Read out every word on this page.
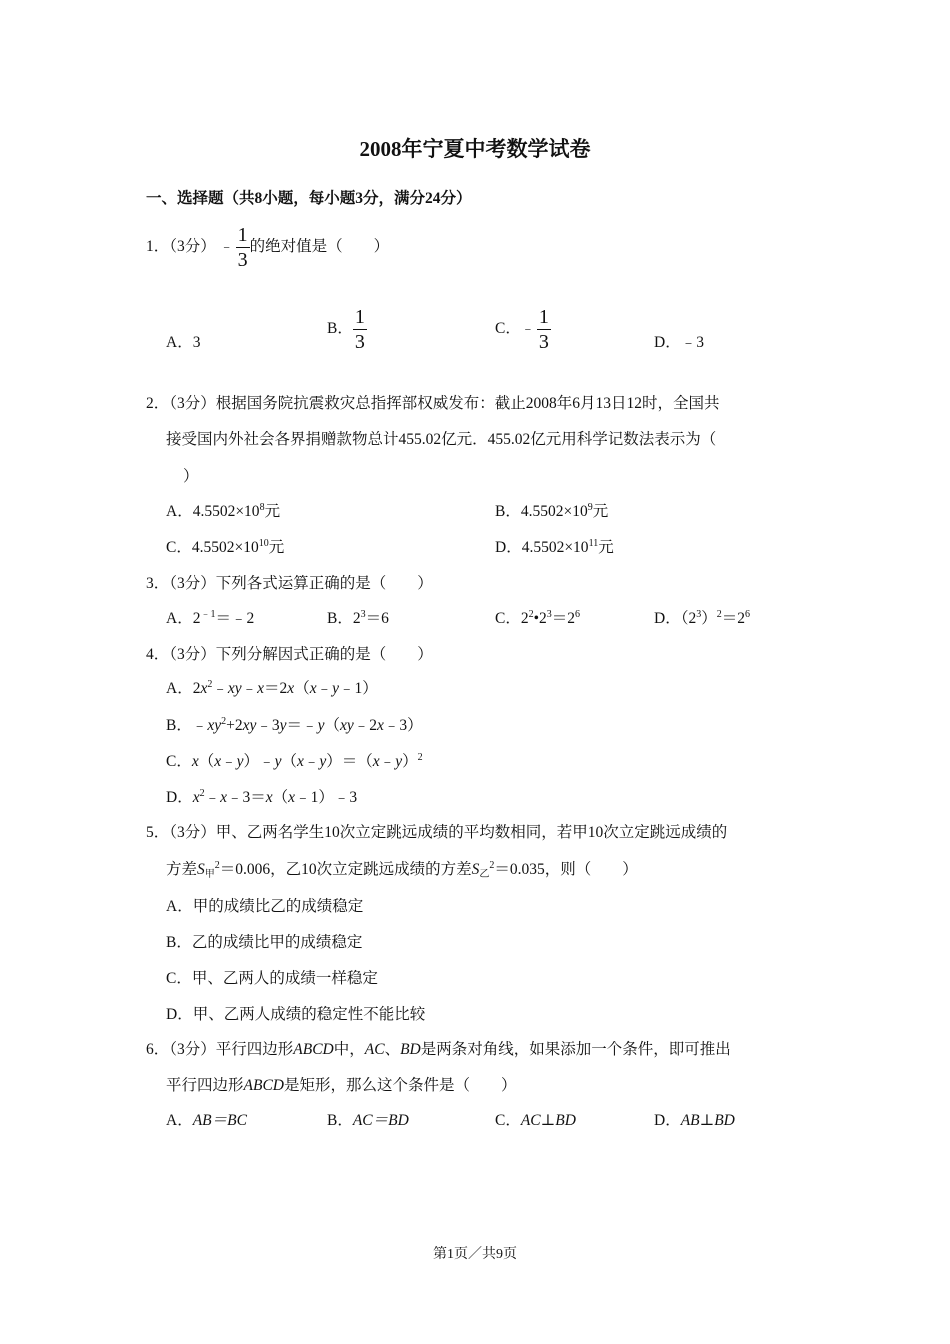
2008年宁夏中考数学试卷
一、选择题（共8小题，每小题3分，满分24分）
1．（3分） ﹣ $\frac{1}{3}$ 的绝对值是（　　）
A．3
B． $\frac{1}{3}$	C．﹣ $\frac{1}{3}$	D．﹣3
2．（3分）根据国务院抗震救灾总指挥部权威发布：截止2008年6月13日12时，全国共
接受国内外社会各界捐赠款物总计455.02亿元．455.02亿元用科学记数法表示为（
）
A．$4.5502\times 10^8$元	B．$4.5502\times 10^9$元
C．$4.5502\times 10^{10}$元	D．$4.5502\times 10^{11}$元
3．（3分）下列各式运算正确的是（　　）
A．$2^{﹣1}=﹣2$	B．$2^3=6$	C．$2^2•2^3=2^6$	D．$(2^3)^2=2^6$
4．（3分）下列分解因式正确的是（　　）
A．$2x^2﹣xy﹣x=2x(x﹣y﹣1)$
B．$﹣xy^2+2xy﹣3y=﹣y(xy﹣2x﹣3)$
C．x（x﹣y）﹣y（x﹣y）＝（x﹣y）$^2$
D．$x^2﹣x﹣3=x(x﹣1)﹣3$
5．（3分）甲、乙两名学生10次立定跳远成绩的平均数相同，若甲10次立定跳远成绩的
方差$S_甲^2=0.006$，乙10次立定跳远成绩的方差$S_乙^2=0.035$，则（　　）
A．甲的成绩比乙的成绩稳定
B．乙的成绩比甲的成绩稳定
C．甲、乙两人的成绩一样稳定
D．甲、乙两人成绩的稳定性不能比较
6．（3分）平行四边形ABCD中，AC、BD是两条对角线，如果添加一个条件，即可推出
平行四边形ABCD是矩形，那么这个条件是（　　）
A．AB＝BC	B．AC＝BD	C．AC⊥BD	D．AB⊥BD
第1页／共9页
